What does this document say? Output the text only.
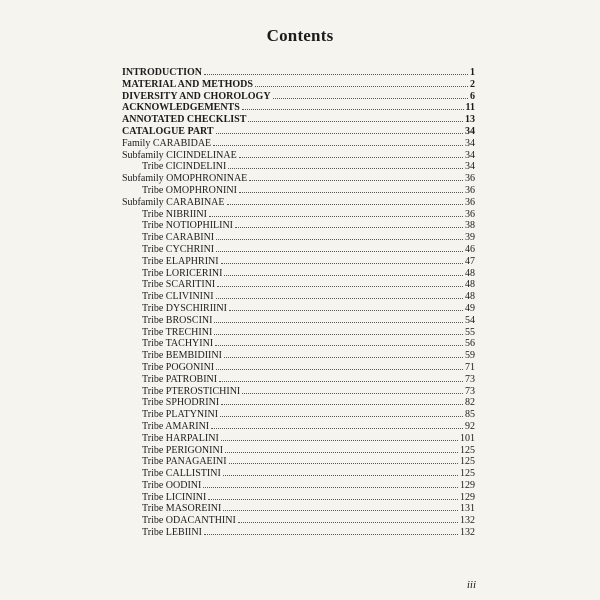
Contents
INTRODUCTION	1
MATERIAL AND METHODS	2
DIVERSITY AND CHOROLOGY	6
ACKNOWLEDGEMENTS	11
ANNOTATED CHECKLIST	13
CATALOGUE PART	34
Family CARABIDAE	34
Subfamily CICINDELINAE	34
Tribe CICINDELINI	34
Subfamily OMOPHRONINAE	36
Tribe OMOPHRONINI	36
Subfamily CARABINAE	36
Tribe NIBRIINI	36
Tribe NOTIOPHILINI	38
Tribe CARABINI	39
Tribe CYCHRINI	46
Tribe ELAPHRINI	47
Tribe LORICERINI	48
Tribe SCARITINI	48
Tribe CLIVININI	48
Tribe DYSCHIRIINI	49
Tribe BROSCINI	54
Tribe TRECHINI	55
Tribe TACHYINI	56
Tribe BEMBIDIINI	59
Tribe POGONINI	71
Tribe PATROBINI	73
Tribe PTEROSTICHINI	73
Tribe SPHODRINI	82
Tribe PLATYNINI	85
Tribe AMARINI	92
Tribe HARPALINI	101
Tribe PERIGONINI	125
Tribe PANAGAEINI	125
Tribe CALLISTINI	125
Tribe OODINI	129
Tribe LICININI	129
Tribe MASOREINI	131
Tribe ODACANTHINI	132
Tribe LEBIINI	132
iii
